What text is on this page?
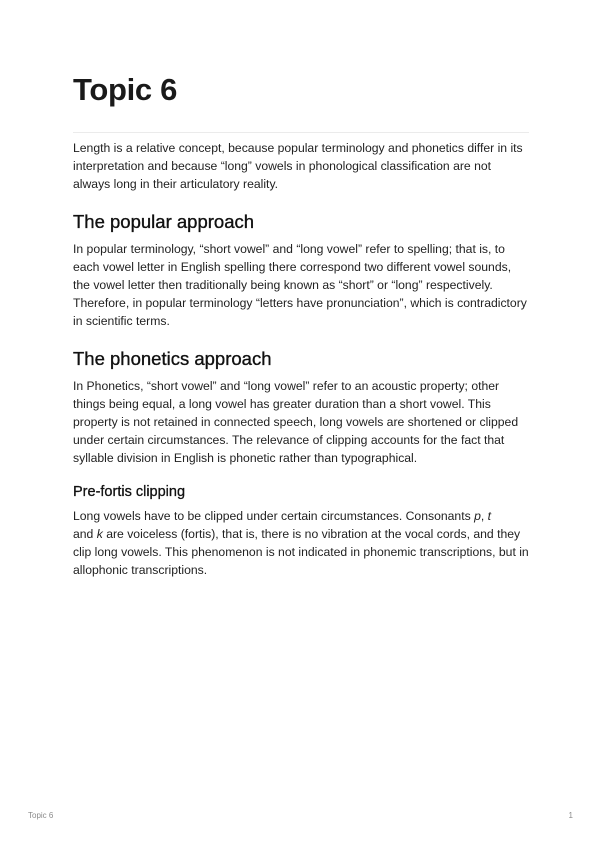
Topic 6

Length is a relative concept, because popular terminology and phonetics differ in its interpretation and because “long” vowels in phonological classification are not always long in their articulatory reality.

The popular approach

In popular terminology, “short vowel” and “long vowel” refer to spelling; that is, to each vowel letter in English spelling there correspond two different vowel sounds, the vowel letter then traditionally being known as “short” or “long” respectively. Therefore, in popular terminology “letters have pronunciation”, which is contradictory in scientific terms.

The phonetics approach

In Phonetics, “short vowel” and “long vowel” refer to an acoustic property; other things being equal, a long vowel has greater duration than a short vowel. This property is not retained in connected speech, long vowels are shortened or clipped under certain circumstances. The relevance of clipping accounts for the fact that syllable division in English is phonetic rather than typographical.

Pre-fortis clipping

Long vowels have to be clipped under certain circumstances. Consonants p, t
and k are voiceless (fortis), that is, there is no vibration at the vocal cords, and they clip long vowels. This phenomenon is not indicated in phonemic transcriptions, but in allophonic transcriptions.

Topic 6	1
